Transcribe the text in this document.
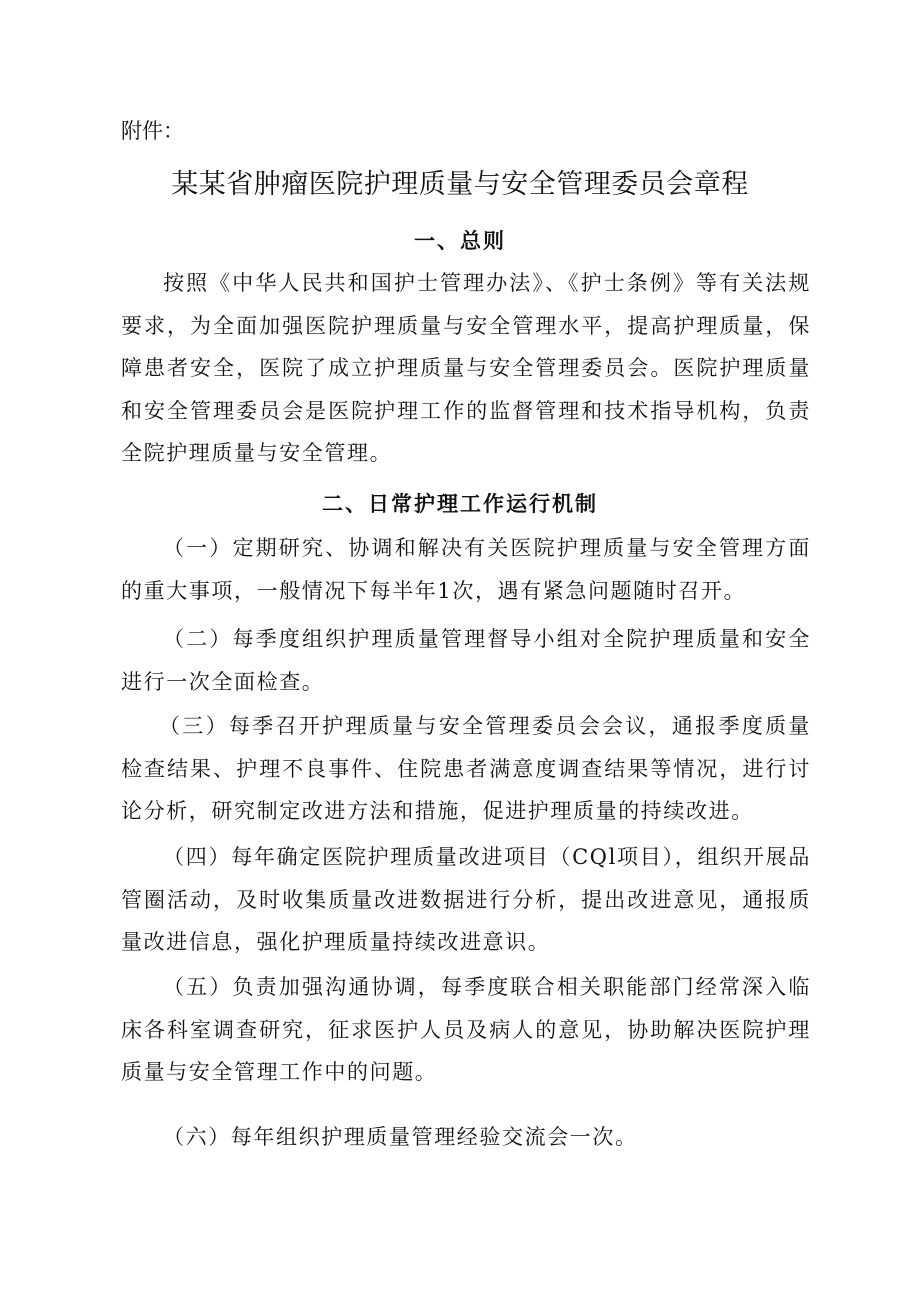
附件：
某某省肿瘤医院护理质量与安全管理委员会章程
一、总则

按照《中华人民共和国护士管理办法》、《护士条例》等有关法规要求，为全面加强医院护理质量与安全管理水平，提高护理质量，保障患者安全，医院了成立护理质量与安全管理委员会。医院护理质量和安全管理委员会是医院护理工作的监督管理和技术指导机构，负责全院护理质量与安全管理。

二、日常护理工作运行机制

（一）定期研究、协调和解决有关医院护理质量与安全管理方面的重大事项，一般情况下每半年1次，遇有紧急问题随时召开。

（二）每季度组织护理质量管理督导小组对全院护理质量和安全进行一次全面检查。

（三）每季召开护理质量与安全管理委员会会议，通报季度质量检查结果、护理不良事件、住院患者满意度调查结果等情况，进行讨论分析，研究制定改进方法和措施，促进护理质量的持续改进。

（四）每年确定医院护理质量改进项目（CQl项目），组织开展品管圈活动，及时收集质量改进数据进行分析，提出改进意见，通报质量改进信息，强化护理质量持续改进意识。

（五）负责加强沟通协调，每季度联合相关职能部门经常深入临床各科室调查研究，征求医护人员及病人的意见，协助解决医院护理质量与安全管理工作中的问题。

（六）每年组织护理质量管理经验交流会一次。
